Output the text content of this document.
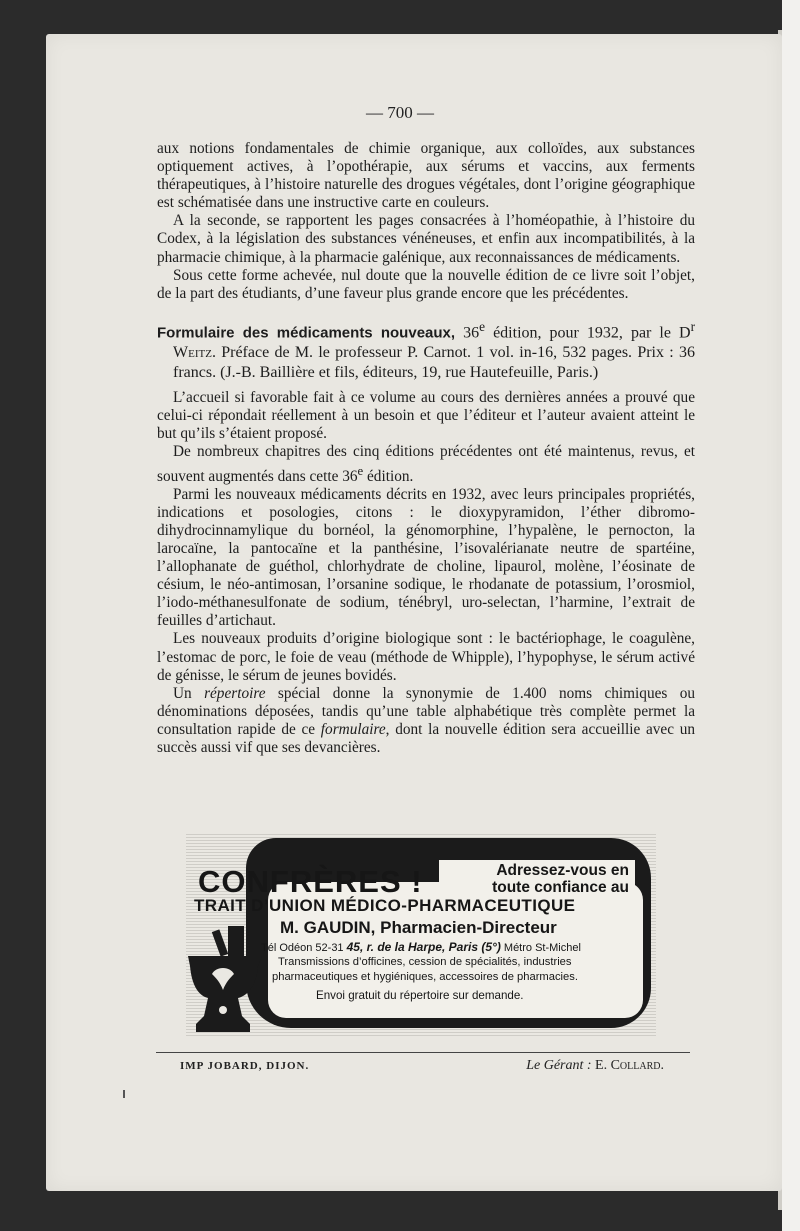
— 700 —

aux notions fondamentales de chimie organique, aux colloïdes, aux substances optiquement actives, à l’opothérapie, aux sérums et vaccins, aux ferments thérapeutiques, à l’histoire naturelle des drogues végétales, dont l’origine géographique est schématisée dans une instructive carte en couleurs.

A la seconde, se rapportent les pages consacrées à l’homéopathie, à l’histoire du Codex, à la législation des substances vénéneuses, et enfin aux incompatibilités, à la pharmacie chimique, à la pharmacie galénique, aux reconnaissances de médicaments.

Sous cette forme achevée, nul doute que la nouvelle édition de ce livre soit l’objet, de la part des étudiants, d’une faveur plus grande encore que les précédentes.

Formulaire des médicaments nouveaux, 36e édition, pour 1932, par le $D^r$ Weitz. Préface de M. le professeur P. Carnot. 1 vol. in-16, 532 pages. Prix : 36 francs. (J.-B. Baillière et fils, éditeurs, 19, rue Hautefeuille, Paris.)

L’accueil si favorable fait à ce volume au cours des dernières années a prouvé que celui-ci répondait réellement à un besoin et que l’éditeur et l’auteur avaient atteint le but qu’ils s’étaient proposé.

De nombreux chapitres des cinq éditions précédentes ont été maintenus, revus, et souvent augmentés dans cette 36e édition.

Parmi les nouveaux médicaments décrits en 1932, avec leurs principales propriétés, indications et posologies, citons : le dioxypyramidon, l’éther dibromo-dihydrocinnamylique du bornéol, la génomorphine, l’hypalène, le pernocton, la larocaïne, la pantocaïne et la panthésine, l’isovalérianate neutre de spartéine, l’allophanate de guéthol, chlorhydrate de choline, lipaurol, molène, l’éosinate de césium, le néo-antimosan, l’orsanine sodique, le rhodanate de potassium, l’orosmiol, l’iodo-méthanesulfonate de sodium, ténébryl, uro-selectan, l’harmine, l’extrait de feuilles d’artichaut.

Les nouveaux produits d’origine biologique sont : le bactériophage, le coagulène, l’estomac de porc, le foie de veau (méthode de Whipple), l’hypophyse, le sérum activé de génisse, le sérum de jeunes bovidés.

Un répertoire spécial donne la synonymie de 1.400 noms chimiques ou dénominations déposées, tandis qu’une table alphabétique très complète permet la consultation rapide de ce formulaire, dont la nouvelle édition sera accueillie avec un succès aussi vif que ses devancières.

CONFRÈRES !	Adressez-vous en
toute confiance au
TRAIT D’UNION MÉDICO-PHARMACEUTIQUE
M. GAUDIN, Pharmacien-Directeur
Tél Odéon 52-31 45, r. de la Harpe, Paris (5°) Métro St-Michel
Transmissions d’officines, cession de spécialités, industries
pharmaceutiques et hygiéniques, accessoires de pharmacies.
Envoi gratuit du répertoire sur demande.
IMP JOBARD, DIJON.	Le Gérant : E. Collard.
